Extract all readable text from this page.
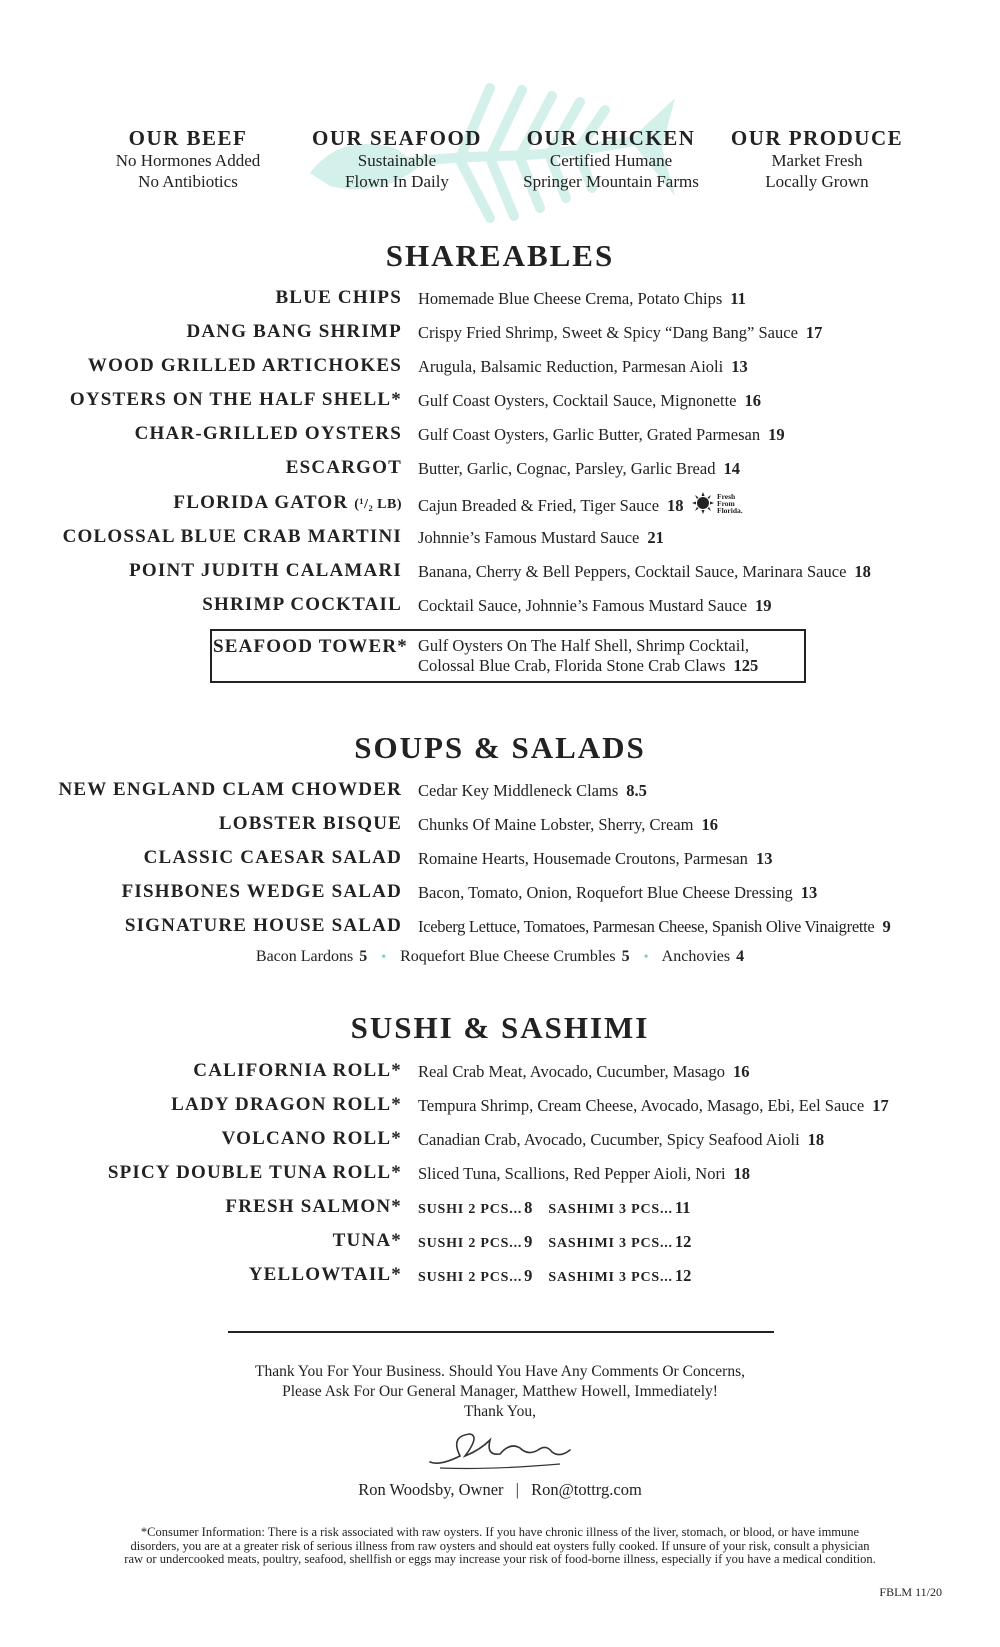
OUR BEEF
No Hormones Added
No Antibiotics
OUR SEAFOOD
Sustainable
Flown In Daily
OUR CHICKEN
Certified Humane
Springer Mountain Farms
OUR PRODUCE
Market Fresh
Locally Grown
SHAREABLES
BLUE CHIPS Homemade Blue Cheese Crema, Potato Chips 11
DANG BANG SHRIMP Crispy Fried Shrimp, Sweet & Spicy “Dang Bang” Sauce 17
WOOD GRILLED ARTICHOKES Arugula, Balsamic Reduction, Parmesan Aioli 13
OYSTERS ON THE HALF SHELL* Gulf Coast Oysters, Cocktail Sauce, Mignonette 16
CHAR-GRILLED OYSTERS Gulf Coast Oysters, Garlic Butter, Grated Parmesan 19
ESCARGOT Butter, Garlic, Cognac, Parsley, Garlic Bread 14
FLORIDA GATOR (¹/₂ LB) Cajun Breaded & Fried, Tiger Sauce 18	Fresh
From
Florida.
COLOSSAL BLUE CRAB MARTINI Johnnie’s Famous Mustard Sauce 21
POINT JUDITH CALAMARI Banana, Cherry & Bell Peppers, Cocktail Sauce, Marinara Sauce 18
SHRIMP COCKTAIL Cocktail Sauce, Johnnie’s Famous Mustard Sauce 19
SEAFOOD TOWER* Gulf Oysters On The Half Shell, Shrimp Cocktail,
Colossal Blue Crab, Florida Stone Crab Claws 125
SOUPS & SALADS
NEW ENGLAND CLAM CHOWDER Cedar Key Middleneck Clams 8.5
LOBSTER BISQUE Chunks Of Maine Lobster, Sherry, Cream 16
CLASSIC CAESAR SALAD Romaine Hearts, Housemade Croutons, Parmesan 13
FISHBONES WEDGE SALAD Bacon, Tomato, Onion, Roquefort Blue Cheese Dressing 13
SIGNATURE HOUSE SALAD Iceberg Lettuce, Tomatoes, Parmesan Cheese, Spanish Olive Vinaigrette 9
Bacon Lardons 5 • Roquefort Blue Cheese Crumbles 5 • Anchovies 4
SUSHI & SASHIMI
CALIFORNIA ROLL* Real Crab Meat, Avocado, Cucumber, Masago 16
LADY DRAGON ROLL* Tempura Shrimp, Cream Cheese, Avocado, Masago, Ebi, Eel Sauce 17
VOLCANO ROLL* Canadian Crab, Avocado, Cucumber, Spicy Seafood Aioli 18
SPICY DOUBLE TUNA ROLL* Sliced Tuna, Scallions, Red Pepper Aioli, Nori 18
FRESH SALMON* SUSHI 2 PCS... 8 SASHIMI 3 PCS... 11
TUNA* SUSHI 2 PCS... 9 SASHIMI 3 PCS... 12
YELLOWTAIL* SUSHI 2 PCS... 9 SASHIMI 3 PCS... 12
Thank You For Your Business. Should You Have Any Comments Or Concerns,
Please Ask For Our General Manager, Matthew Howell, Immediately!
Thank You,
Ron Woodsby, Owner | Ron@tottrg.com
*Consumer Information: There is a risk associated with raw oysters. If you have chronic illness of the liver, stomach, or blood, or have immune
disorders, you are at a greater risk of serious illness from raw oysters and should eat oysters fully cooked. If unsure of your risk, consult a physician
raw or undercooked meats, poultry, seafood, shellfish or eggs may increase your risk of food-borne illness, especially if you have a medical condition.
FBLM 11/20
